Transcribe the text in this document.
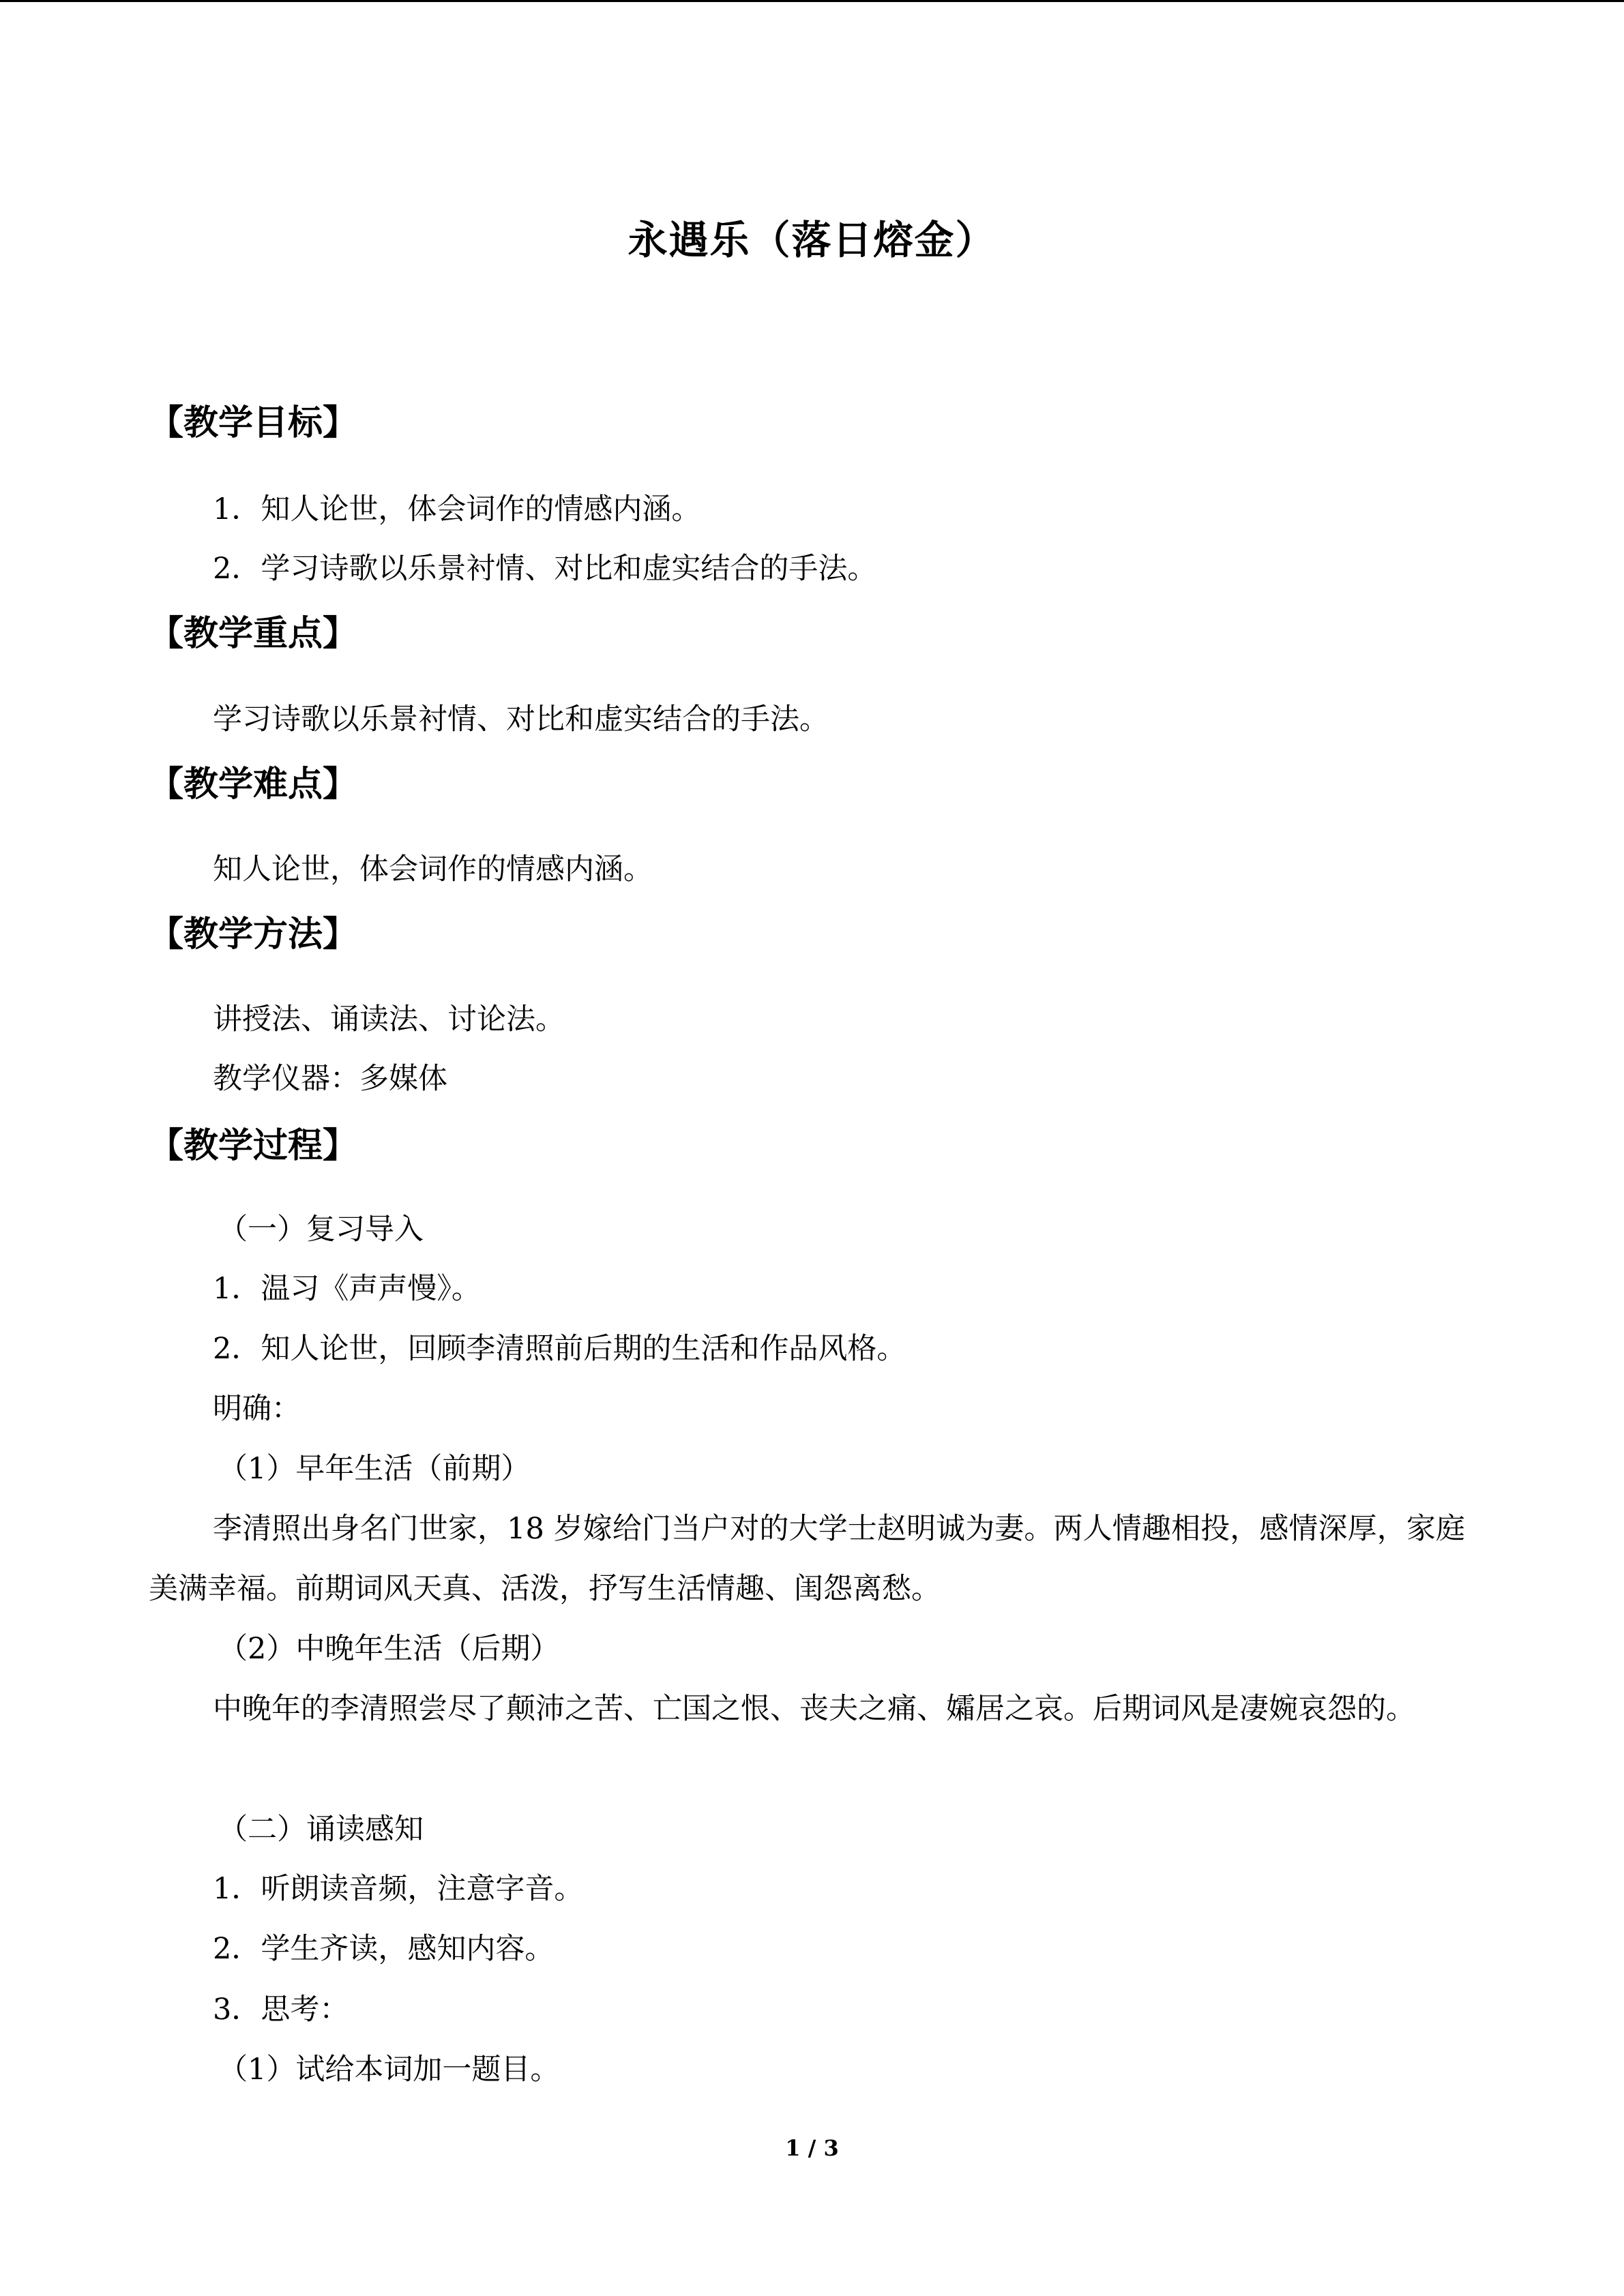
永遇乐（落日熔金）
【教学目标】
1．知人论世，体会词作的情感内涵。
2．学习诗歌以乐景衬情、对比和虚实结合的手法。
【教学重点】
学习诗歌以乐景衬情、对比和虚实结合的手法。
【教学难点】
知人论世，体会词作的情感内涵。
【教学方法】
讲授法、诵读法、讨论法。
教学仪器：多媒体
【教学过程】
（一）复习导入
1．温习《声声慢》。
2．知人论世，回顾李清照前后期的生活和作品风格。
明确：
（1）早年生活（前期）
李清照出身名门世家，18 岁嫁给门当户对的大学士赵明诚为妻。两人情趣相投，感情深厚，家庭美满幸福。前期词风天真、活泼，抒写生活情趣、闺怨离愁。
（2）中晚年生活（后期）
中晚年的李清照尝尽了颠沛之苦、亡国之恨、丧夫之痛、孀居之哀。后期词风是凄婉哀怨的。
（二）诵读感知
1．听朗读音频，注意字音。
2．学生齐读，感知内容。
3．思考：
（1）试给本词加一题目。
1 / 3
